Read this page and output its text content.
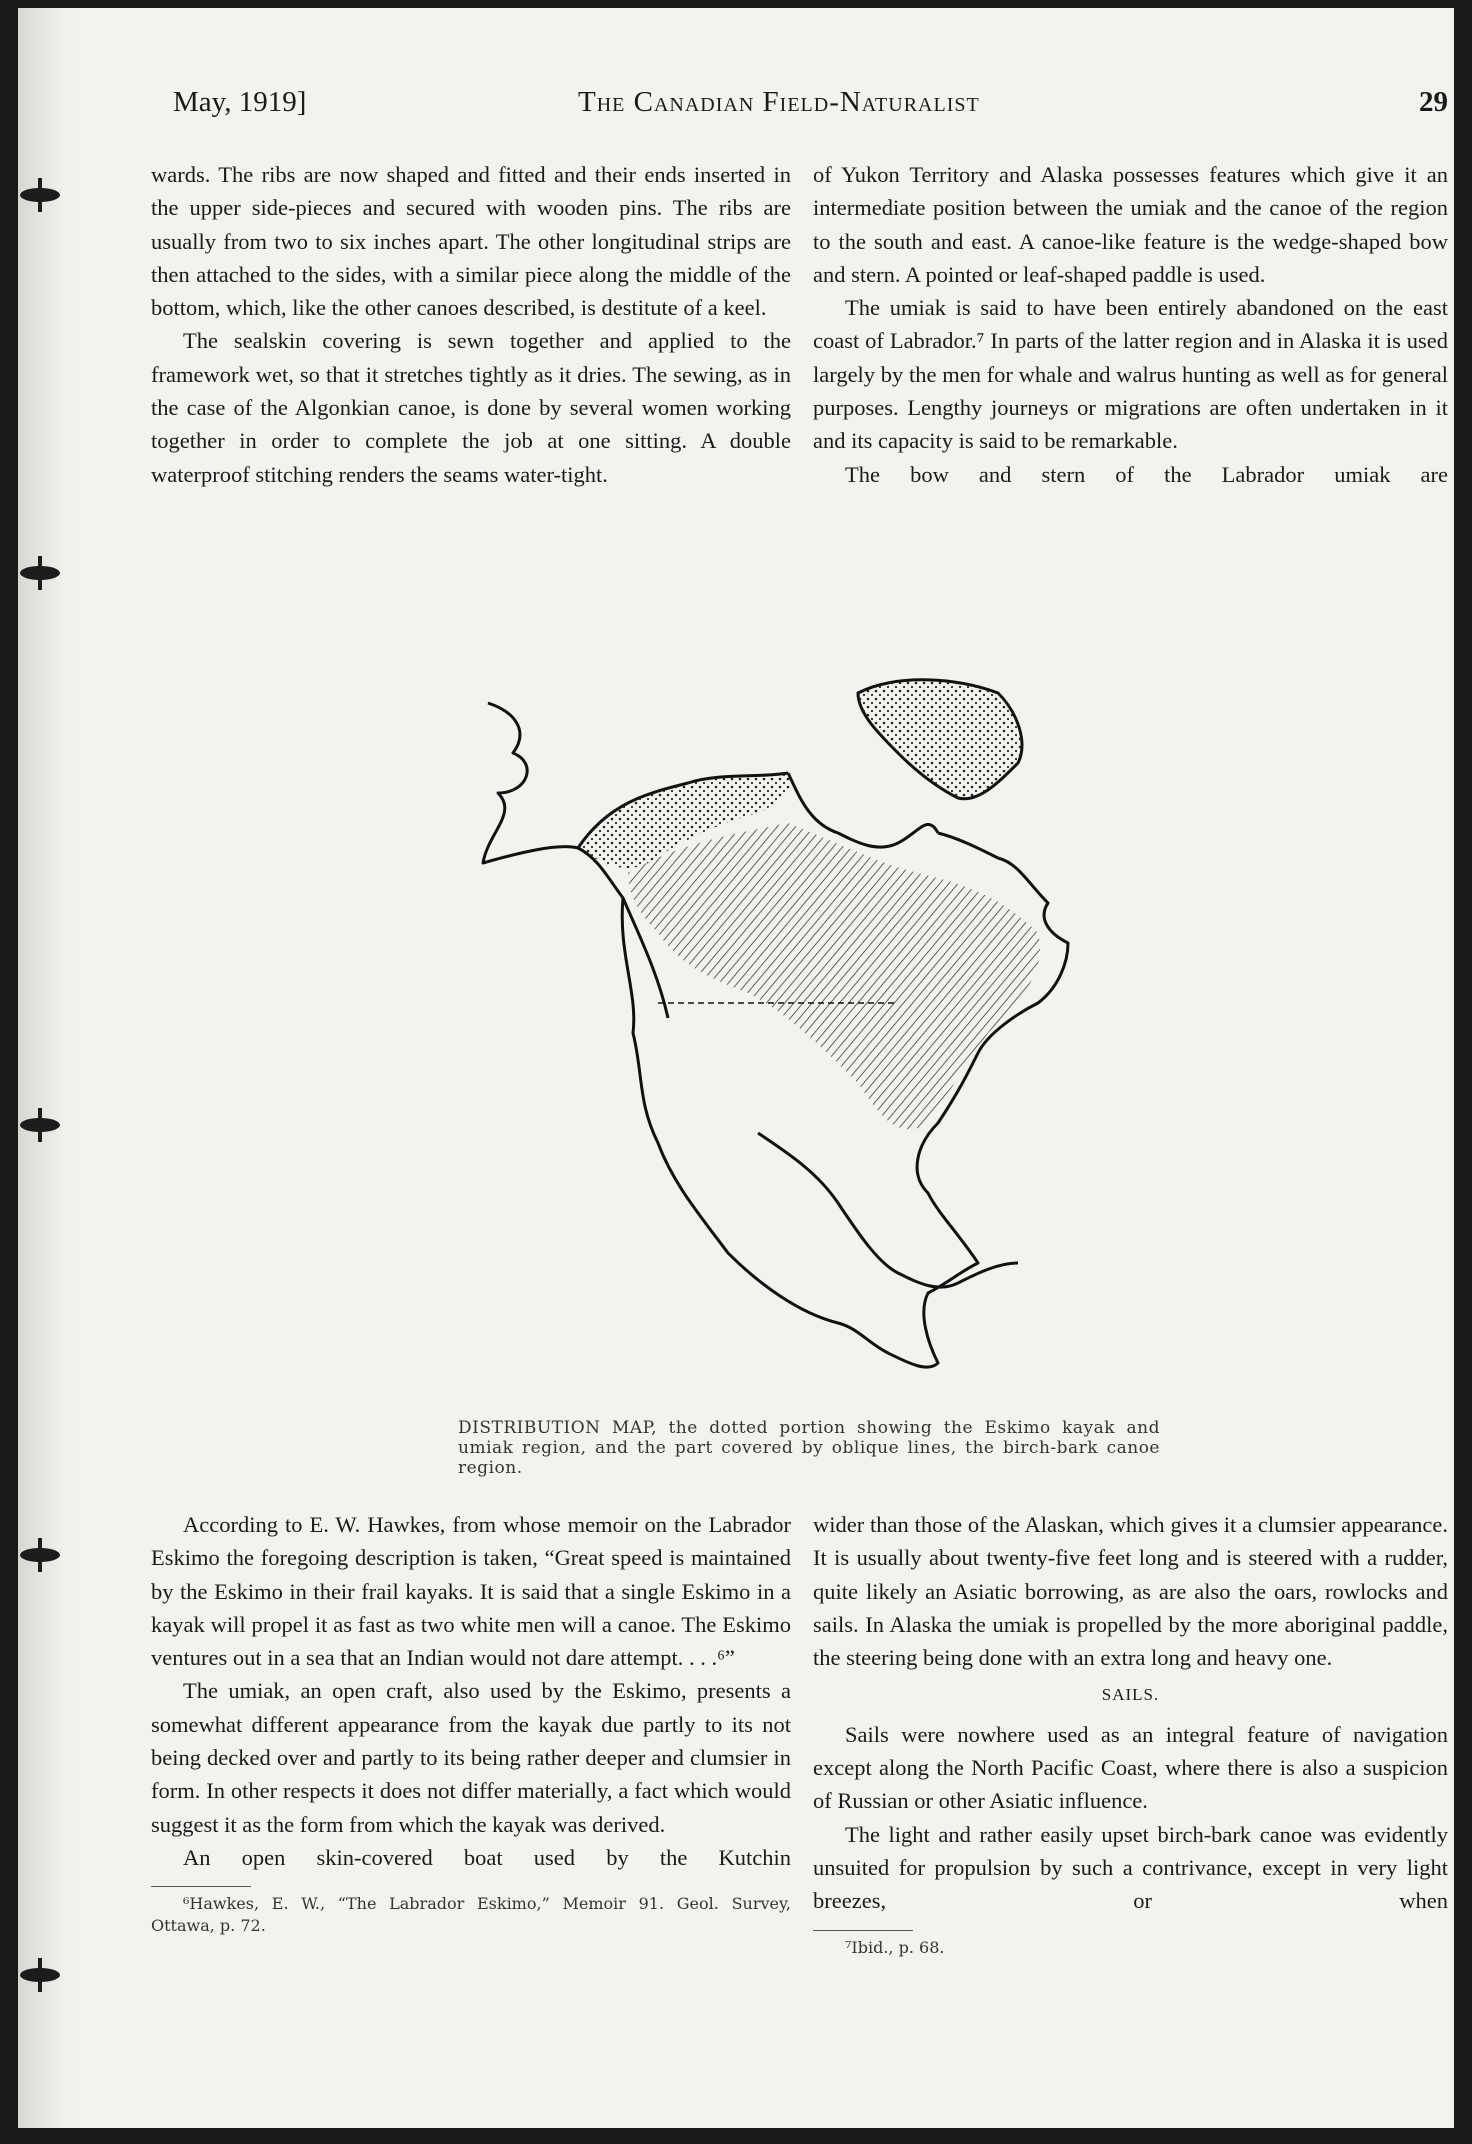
May, 1919]	The Canadian Field-Naturalist	29

wards. The ribs are now shaped and fitted and their ends inserted in the upper side-pieces and secured with wooden pins. The ribs are usually from two to six inches apart. The other longitudinal strips are then attached to the sides, with a similar piece along the middle of the bottom, which, like the other canoes described, is destitute of a keel.

The sealskin covering is sewn together and applied to the framework wet, so that it stretches tightly as it dries. The sewing, as in the case of the Algonkian canoe, is done by several women working together in order to complete the job at one sitting. A double waterproof stitching renders the seams water-tight.

of Yukon Territory and Alaska possesses features which give it an intermediate position between the umiak and the canoe of the region to the south and east. A canoe-like feature is the wedge-shaped bow and stern. A pointed or leaf-shaped paddle is used.

The umiak is said to have been entirely abandoned on the east coast of Labrador.⁷ In parts of the latter region and in Alaska it is used largely by the men for whale and walrus hunting as well as for general purposes. Lengthy journeys or migrations are often undertaken in it and its capacity is said to be remarkable.

The bow and stern of the Labrador umiak are

DISTRIBUTION MAP, the dotted portion showing the Eskimo kayak and umiak region, and the part covered by oblique lines, the birch-bark canoe region.

According to E. W. Hawkes, from whose memoir on the Labrador Eskimo the foregoing description is taken, “Great speed is maintained by the Eskimo in their frail kayaks. It is said that a single Eskimo in a kayak will propel it as fast as two white men will a canoe. The Eskimo ventures out in a sea that an Indian would not dare attempt. . . .⁶”

The umiak, an open craft, also used by the Eskimo, presents a somewhat different appearance from the kayak due partly to its not being decked over and partly to its being rather deeper and clumsier in form. In other respects it does not differ materially, a fact which would suggest it as the form from which the kayak was derived.

An open skin-covered boat used by the Kutchin

⁶Hawkes, E. W., “The Labrador Eskimo,” Memoir 91. Geol. Survey, Ottawa, p. 72.

wider than those of the Alaskan, which gives it a clumsier appearance. It is usually about twenty-five feet long and is steered with a rudder, quite likely an Asiatic borrowing, as are also the oars, rowlocks and sails. In Alaska the umiak is propelled by the more aboriginal paddle, the steering being done with an extra long and heavy one.

SAILS.

Sails were nowhere used as an integral feature of navigation except along the North Pacific Coast, where there is also a suspicion of Russian or other Asiatic influence.

The light and rather easily upset birch-bark canoe was evidently unsuited for propulsion by such a contrivance, except in very light breezes, or when

⁷Ibid., p. 68.
